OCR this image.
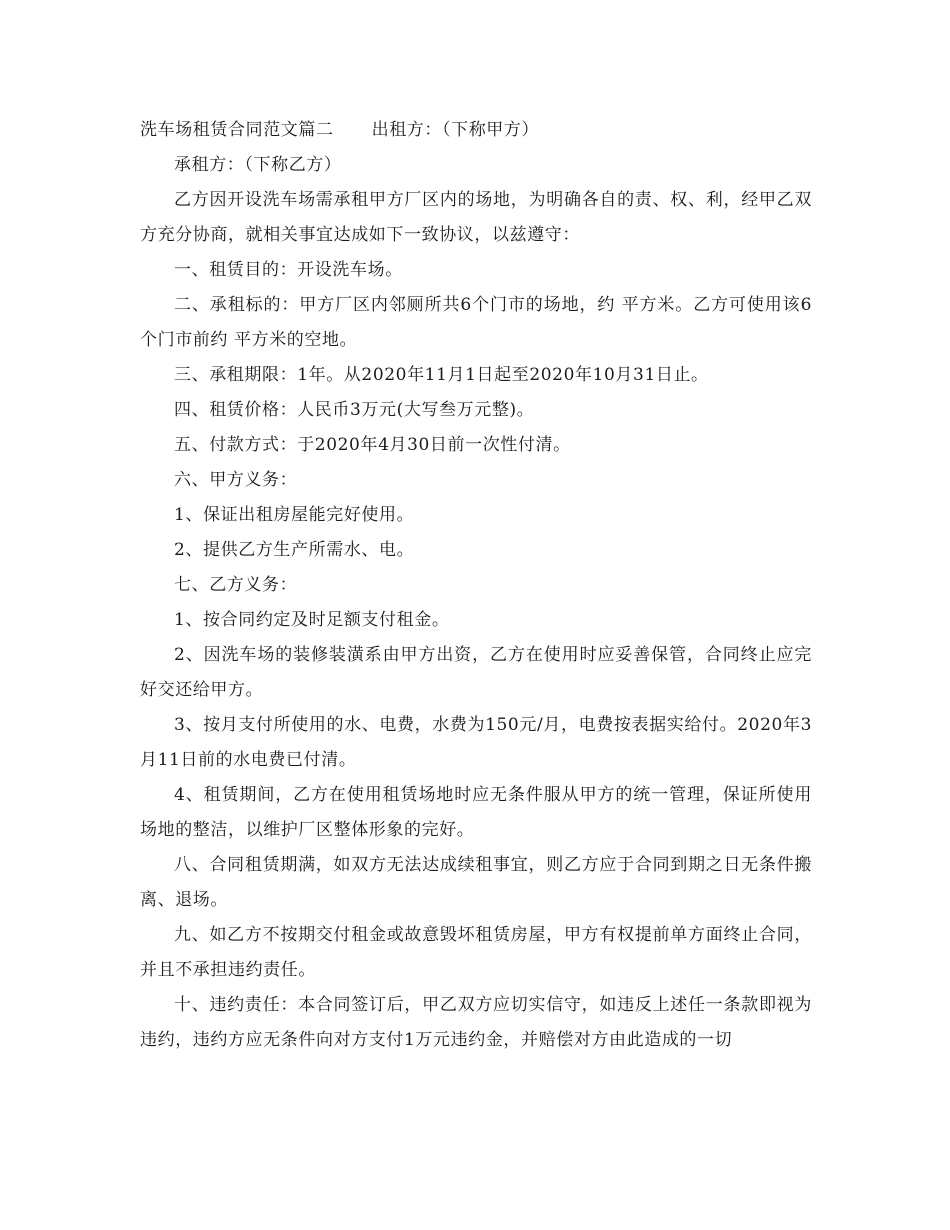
洗车场租赁合同范文篇二 出租方：（下称甲方）

承租方：（下称乙方）

乙方因开设洗车场需承租甲方厂区内的场地，为明确各自的责、权、利，经甲乙双方充分协商，就相关事宜达成如下一致协议，以兹遵守：

一、租赁目的：开设洗车场。

二、承租标的：甲方厂区内邻厕所共6个门市的场地，约 平方米。乙方可使用该6个门市前约 平方米的空地。

三、承租期限：1年。从2020年11月1日起至2020年10月31日止。

四、租赁价格：人民币3万元(大写叁万元整)。

五、付款方式：于2020年4月30日前一次性付清。

六、甲方义务：

1、保证出租房屋能完好使用。

2、提供乙方生产所需水、电。

七、乙方义务：

1、按合同约定及时足额支付租金。

2、因洗车场的装修装潢系由甲方出资，乙方在使用时应妥善保管，合同终止应完好交还给甲方。

3、按月支付所使用的水、电费，水费为150元/月，电费按表据实给付。2020年3月11日前的水电费已付清。

4、租赁期间，乙方在使用租赁场地时应无条件服从甲方的统一管理，保证所使用场地的整洁，以维护厂区整体形象的完好。

八、合同租赁期满，如双方无法达成续租事宜，则乙方应于合同到期之日无条件搬离、退场。

九、如乙方不按期交付租金或故意毁坏租赁房屋，甲方有权提前单方面终止合同，并且不承担违约责任。

十、违约责任：本合同签订后，甲乙双方应切实信守，如违反上述任一条款即视为违约，违约方应无条件向对方支付1万元违约金，并赔偿对方由此造成的一切
